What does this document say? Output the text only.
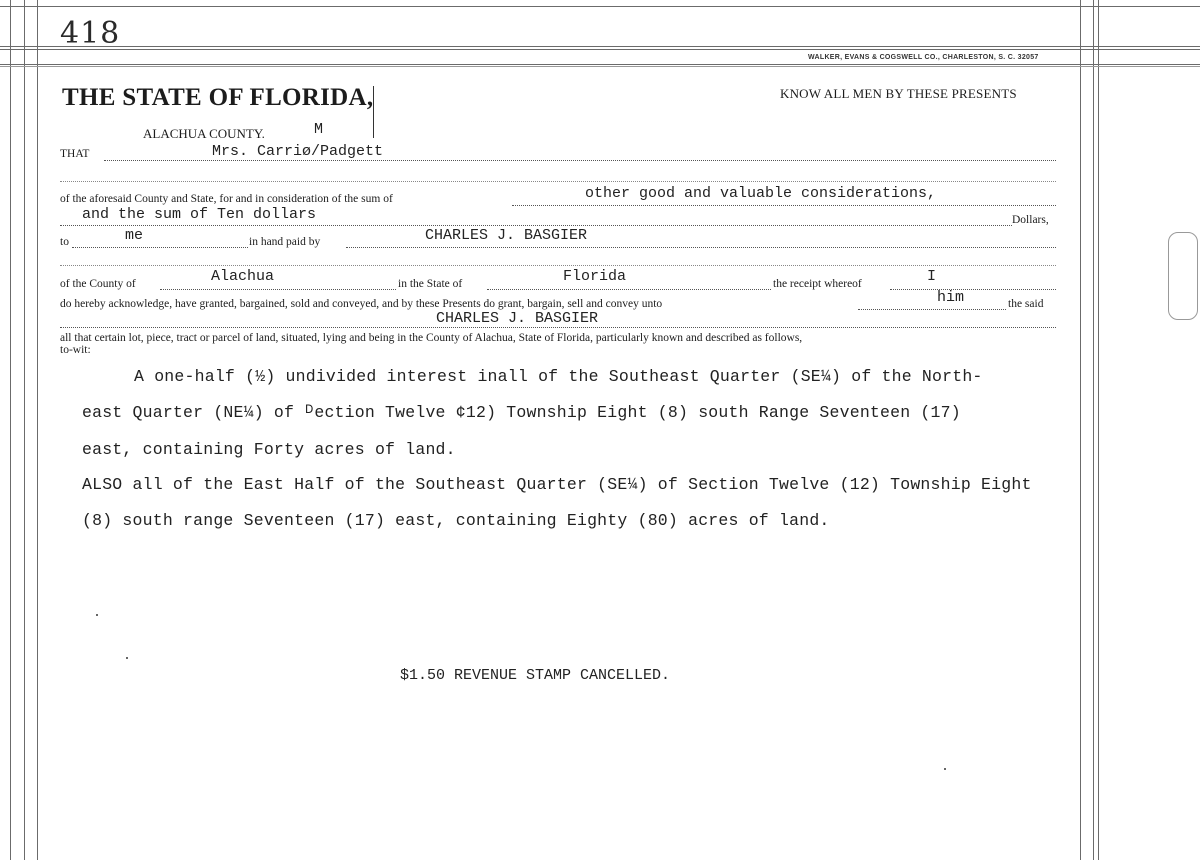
418
WALKER, EVANS & COGSWELL CO., CHARLESTON, S. C. 32057
THE STATE OF FLORIDA,	KNOW ALL MEN BY THESE PRESENTS
ALACHUA COUNTY.	M
THAT	Mrs. Carriø/Padgett
of the aforesaid County and State, for and in consideration of the sum of	other good and valuable considerations,
and the sum of Ten dollars	Dollars,
to	me	in hand paid by	CHARLES J. BASGIER
of the County of	Alachua	in the State of	Florida	the receipt whereof	I
do hereby acknowledge, have granted, bargained, sold and conveyed, and by these Presents do grant, bargain, sell and convey unto	him	the said
CHARLES J. BASGIER
all that certain lot, piece, tract or parcel of land, situated, lying and being in the County of Alachua, State of Florida, particularly known and described as follows,
to-wit:
A one-half (½) undivided interest inall of the Southeast Quarter (SE¼) of the North-
east Quarter (NE¼) of ᴰection Twelve ¢12) Township Eight (8) south Range Seventeen (17)
east, containing Forty acres of land.
ALSO all of the East Half of the Southeast Quarter (SE¼) of Section Twelve (12) Township Eight
(8) south range Seventeen (17) east, containing Eighty (80) acres of land.
$1.50 REVENUE STAMP CANCELLED.
